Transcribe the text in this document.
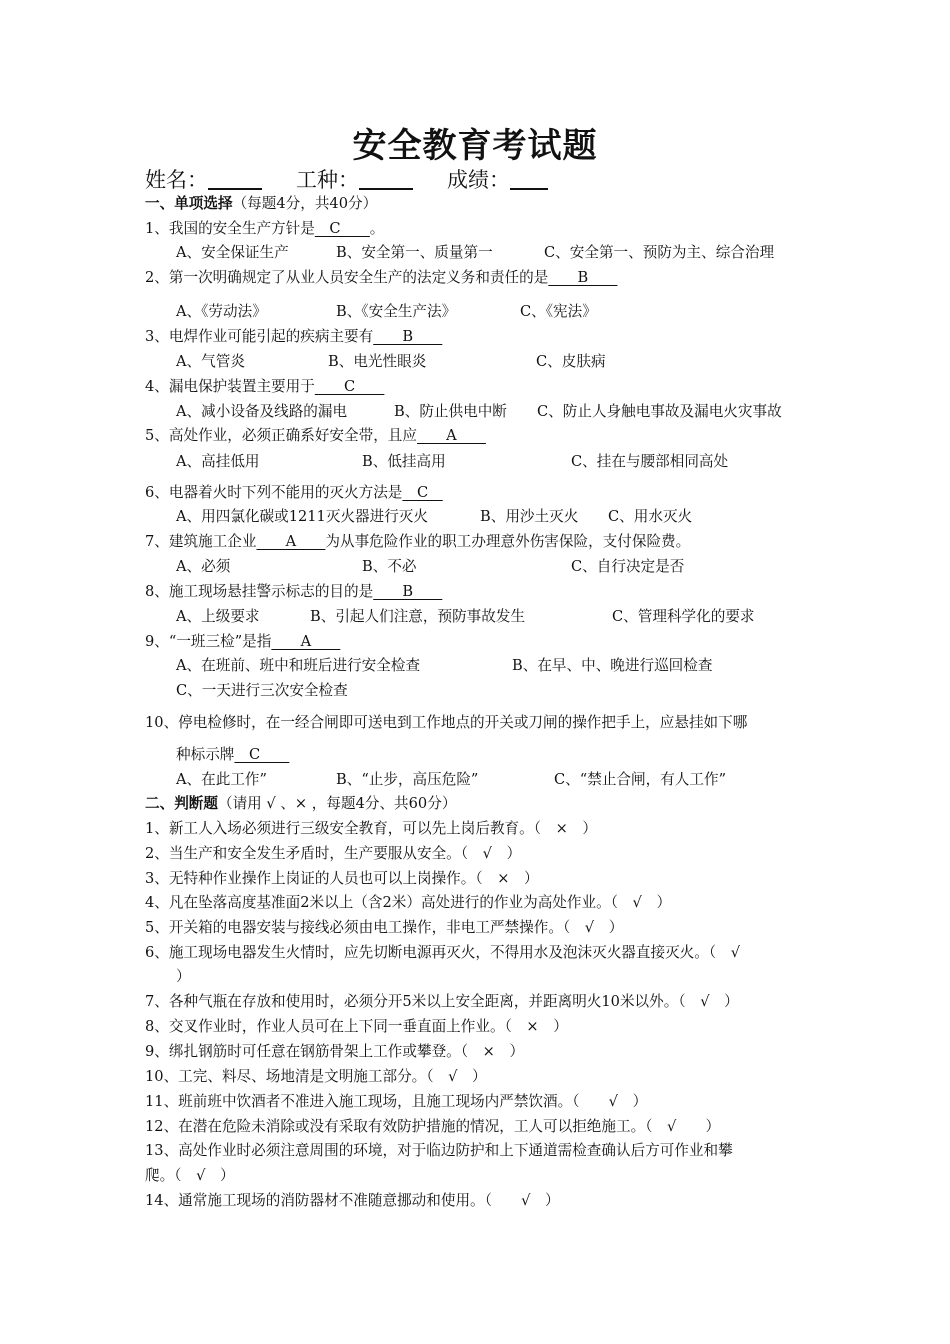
安全教育考试题
姓名：	工种：	成绩：
一、单项选择（每题4分，共40分）
1、我国的安全生产方针是　C　　。
A、安全保证生产	B、安全第一、质量第一	C、安全第一、预防为主、综合治理
2、第一次明确规定了从业人员安全生产的法定义务和责任的是　　B　　
A、《劳动法》	B、《安全生产法》	C、《宪法》
3、电焊作业可能引起的疾病主要有　　B　　
A、气管炎	B、电光性眼炎	C、皮肤病
4、漏电保护装置主要用于　　C　　
A、减小设备及线路的漏电	B、防止供电中断 C、防止人身触电事故及漏电火灾事故
5、高处作业，必须正确系好安全带，且应　　A　　
A、高挂低用	B、低挂高用	C、挂在与腰部相同高处
6、电器着火时下列不能用的灭火方法是　C　
A、用四氯化碳或1211灭火器进行灭火	B、用沙土灭火 C、用水灭火
7、建筑施工企业　　A　　为从事危险作业的职工办理意外伤害保险，支付保险费。
A、必须	B、不必	C、自行决定是否
8、施工现场悬挂警示标志的目的是　　B　　
A、上级要求	B、引起人们注意，预防事故发生	C、管理科学化的要求
9、“一班三检”是指　　A　　
A、在班前、班中和班后进行安全检查	B、在早、中、晚进行巡回检查
C、一天进行三次安全检查
10、停电检修时，在一经合闸即可送电到工作地点的开关或刀闸的操作把手上，应悬挂如下哪
种标示牌　C　　
A、在此工作”	B、“止步，高压危险”	C、“禁止合闸，有人工作”
二、判断题（请用 √ 、× ，每题4分、共60分）
1、新工人入场必须进行三级安全教育，可以先上岗后教育。（　×　）
2、当生产和安全发生矛盾时，生产要服从安全。（　√　）
3、无特种作业操作上岗证的人员也可以上岗操作。（　×　）
4、凡在坠落高度基准面2米以上（含2米）高处进行的作业为高处作业。（　√　）
5、开关箱的电器安装与接线必须由电工操作，非电工严禁操作。（　√　）
6、施工现场电器发生火情时，应先切断电源再灭火，不得用水及泡沫灭火器直接灭火。（　√
）
7、各种气瓶在存放和使用时，必须分开5米以上安全距离，并距离明火10米以外。（　√　）
8、交叉作业时，作业人员可在上下同一垂直面上作业。（　×　）
9、绑扎钢筋时可任意在钢筋骨架上工作或攀登。（　×　）
10、工完、料尽、场地清是文明施工部分。（　√　）
11、班前班中饮酒者不准进入施工现场，且施工现场内严禁饮酒。（　　√　）
12、在潜在危险未消除或没有采取有效防护措施的情况，工人可以拒绝施工。（　√　　）
13、高处作业时必须注意周围的环境，对于临边防护和上下通道需检查确认后方可作业和攀
爬。（　√　）
14、通常施工现场的消防器材不准随意挪动和使用。（　　√　）
